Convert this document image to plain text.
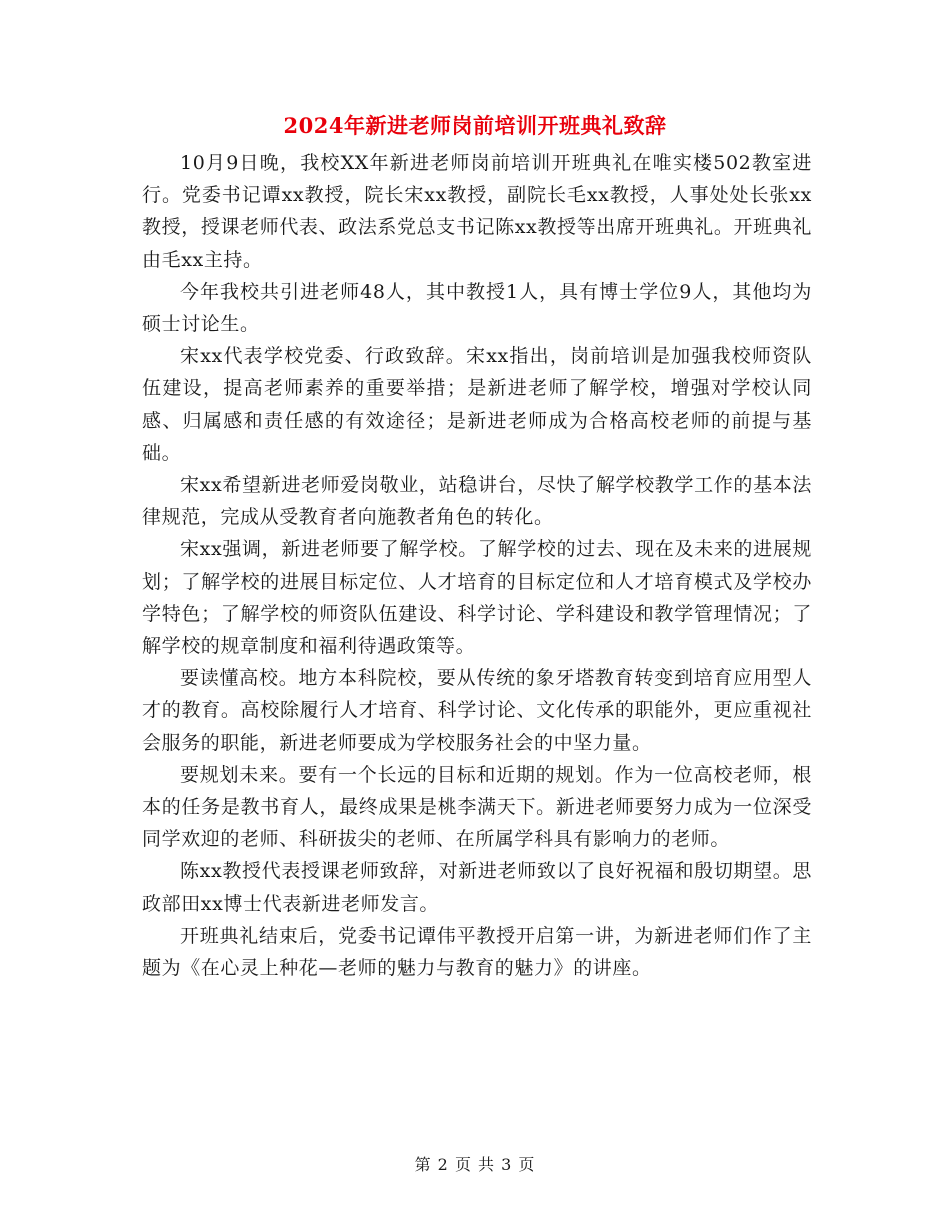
2024年新进老师岗前培训开班典礼致辞

10月9日晚，我校XX年新进老师岗前培训开班典礼在唯实楼502教室进行。党委书记谭xx教授，院长宋xx教授，副院长毛xx教授，人事处处长张xx教授，授课老师代表、政法系党总支书记陈xx教授等出席开班典礼。开班典礼由毛xx主持。

今年我校共引进老师48人，其中教授1人，具有博士学位9人，其他均为硕士讨论生。

宋xx代表学校党委、行政致辞。宋xx指出，岗前培训是加强我校师资队伍建设，提高老师素养的重要举措；是新进老师了解学校，增强对学校认同感、归属感和责任感的有效途径；是新进老师成为合格高校老师的前提与基础。

宋xx希望新进老师爱岗敬业，站稳讲台，尽快了解学校教学工作的基本法律规范，完成从受教育者向施教者角色的转化。

宋xx强调，新进老师要了解学校。了解学校的过去、现在及未来的进展规划；了解学校的进展目标定位、人才培育的目标定位和人才培育模式及学校办学特色；了解学校的师资队伍建设、科学讨论、学科建设和教学管理情况；了解学校的规章制度和福利待遇政策等。

要读懂高校。地方本科院校，要从传统的象牙塔教育转变到培育应用型人才的教育。高校除履行人才培育、科学讨论、文化传承的职能外，更应重视社会服务的职能，新进老师要成为学校服务社会的中坚力量。

要规划未来。要有一个长远的目标和近期的规划。作为一位高校老师，根本的任务是教书育人，最终成果是桃李满天下。新进老师要努力成为一位深受同学欢迎的老师、科研拔尖的老师、在所属学科具有影响力的老师。

陈xx教授代表授课老师致辞，对新进老师致以了良好祝福和殷切期望。思政部田xx博士代表新进老师发言。

开班典礼结束后，党委书记谭伟平教授开启第一讲，为新进老师们作了主题为《在心灵上种花—老师的魅力与教育的魅力》的讲座。

第 2 页 共 3 页
